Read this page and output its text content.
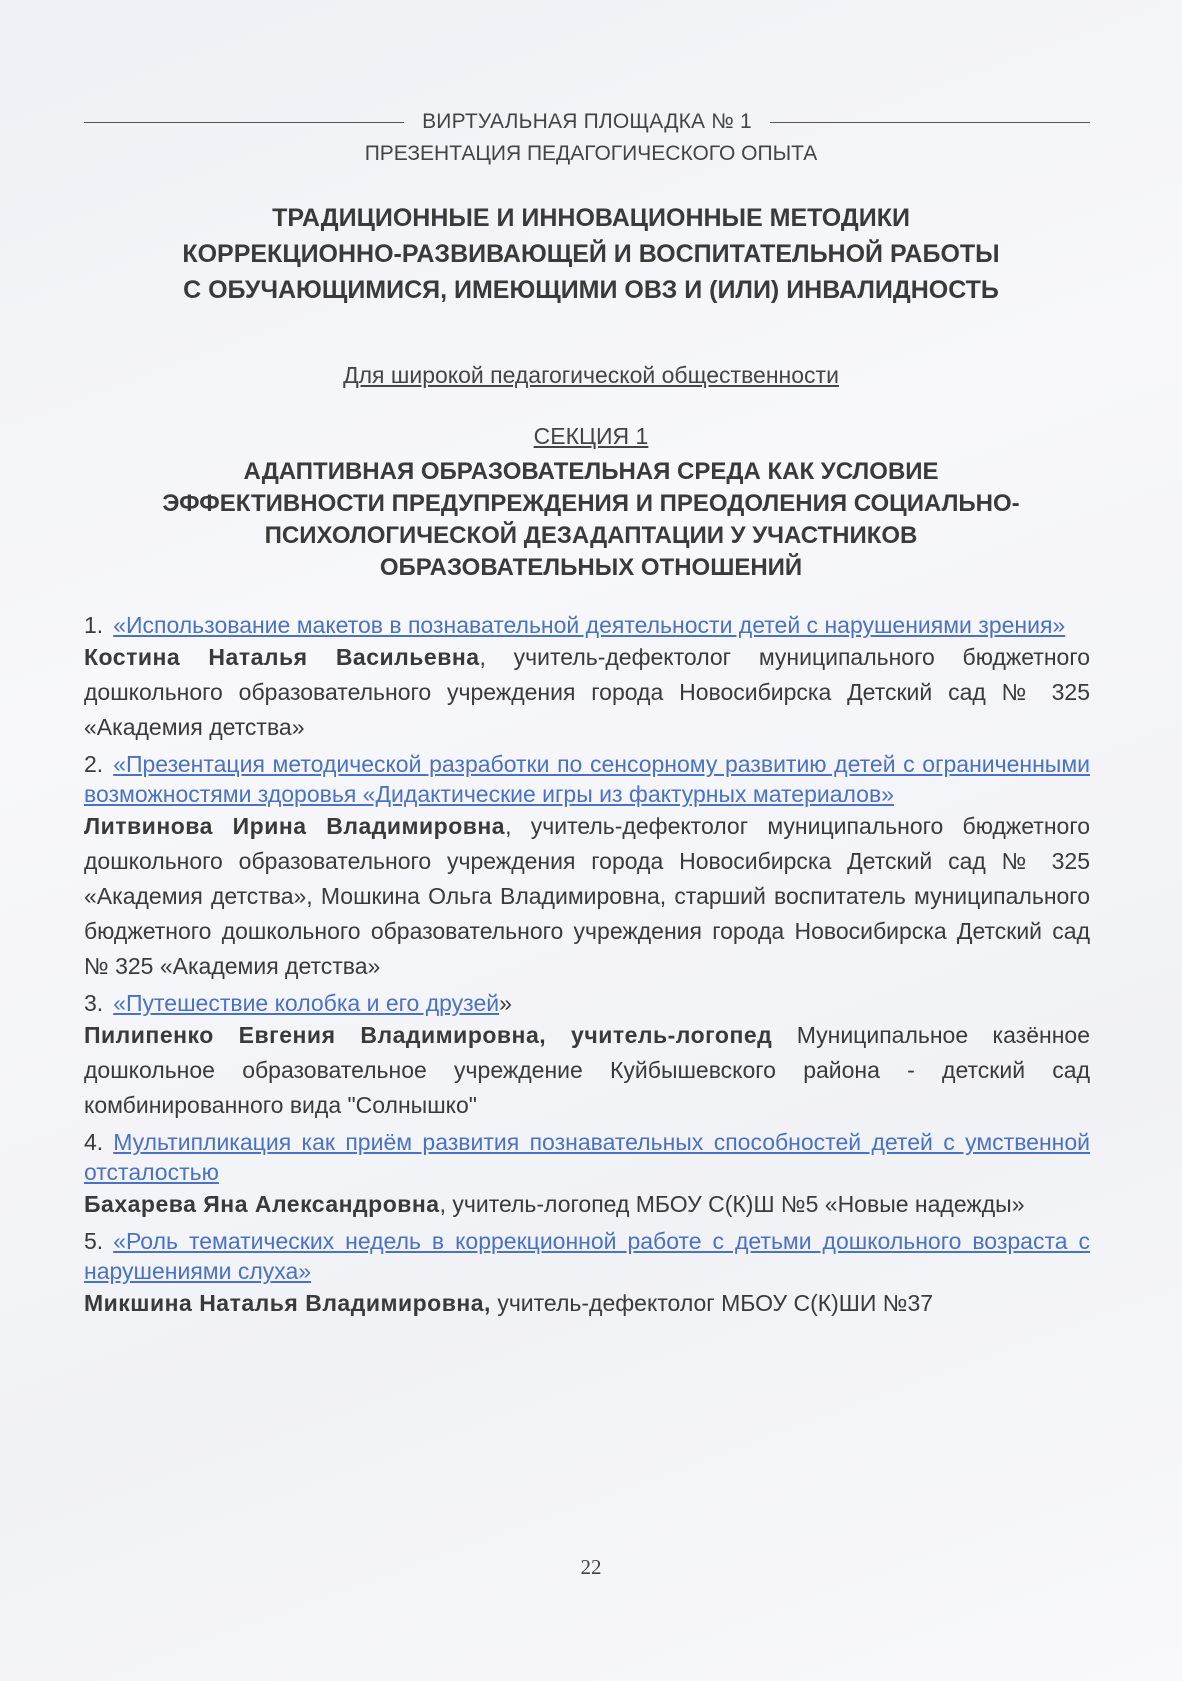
ВИРТУАЛЬНАЯ ПЛОЩАДКА № 1
ПРЕЗЕНТАЦИЯ ПЕДАГОГИЧЕСКОГО ОПЫТА
ТРАДИЦИОННЫЕ И ИННОВАЦИОННЫЕ МЕТОДИКИ
КОРРЕКЦИОННО-РАЗВИВАЮЩЕЙ И ВОСПИТАТЕЛЬНОЙ РАБОТЫ
С ОБУЧАЮЩИМИСЯ, ИМЕЮЩИМИ ОВЗ И (ИЛИ) ИНВАЛИДНОСТЬ
Для широкой педагогической общественности
СЕКЦИЯ 1
АДАПТИВНАЯ ОБРАЗОВАТЕЛЬНАЯ СРЕДА КАК УСЛОВИЕ
ЭФФЕКТИВНОСТИ ПРЕДУПРЕЖДЕНИЯ И ПРЕОДОЛЕНИЯ СОЦИАЛЬНО-
ПСИХОЛОГИЧЕСКОЙ ДЕЗАДАПТАЦИИ У УЧАСТНИКОВ
ОБРАЗОВАТЕЛЬНЫХ ОТНОШЕНИЙ
1. «Использование макетов в познавательной деятельности детей с нарушениями зрения»
Костина Наталья Васильевна, учитель-дефектолог муниципального бюджетного дошкольного образовательного учреждения города Новосибирска Детский сад № 325 «Академия детства»
2. «Презентация методической разработки по сенсорному развитию детей с ограниченными возможностями здоровья «Дидактические игры из фактурных материалов»
Литвинова Ирина Владимировна, учитель-дефектолог муниципального бюджетного дошкольного образовательного учреждения города Новосибирска Детский сад № 325 «Академия детства», Мошкина Ольга Владимировна, старший воспитатель муниципального бюджетного дошкольного образовательного учреждения города Новосибирска Детский сад № 325 «Академия детства»
3. «Путешествие колобка и его друзей»
Пилипенко Евгения Владимировна, учитель-логопед Муниципальное казённое дошкольное образовательное учреждение Куйбышевского района - детский сад комбинированного вида "Солнышко"
4. Мультипликация как приём развития познавательных способностей детей с умственной отсталостью
Бахарева Яна Александровна, учитель-логопед МБОУ С(К)Ш №5 «Новые надежды»
5. «Роль тематических недель в коррекционной работе с детьми дошкольного возраста с нарушениями слуха»
Микшина Наталья Владимировна, учитель-дефектолог МБОУ С(К)ШИ №37
22
